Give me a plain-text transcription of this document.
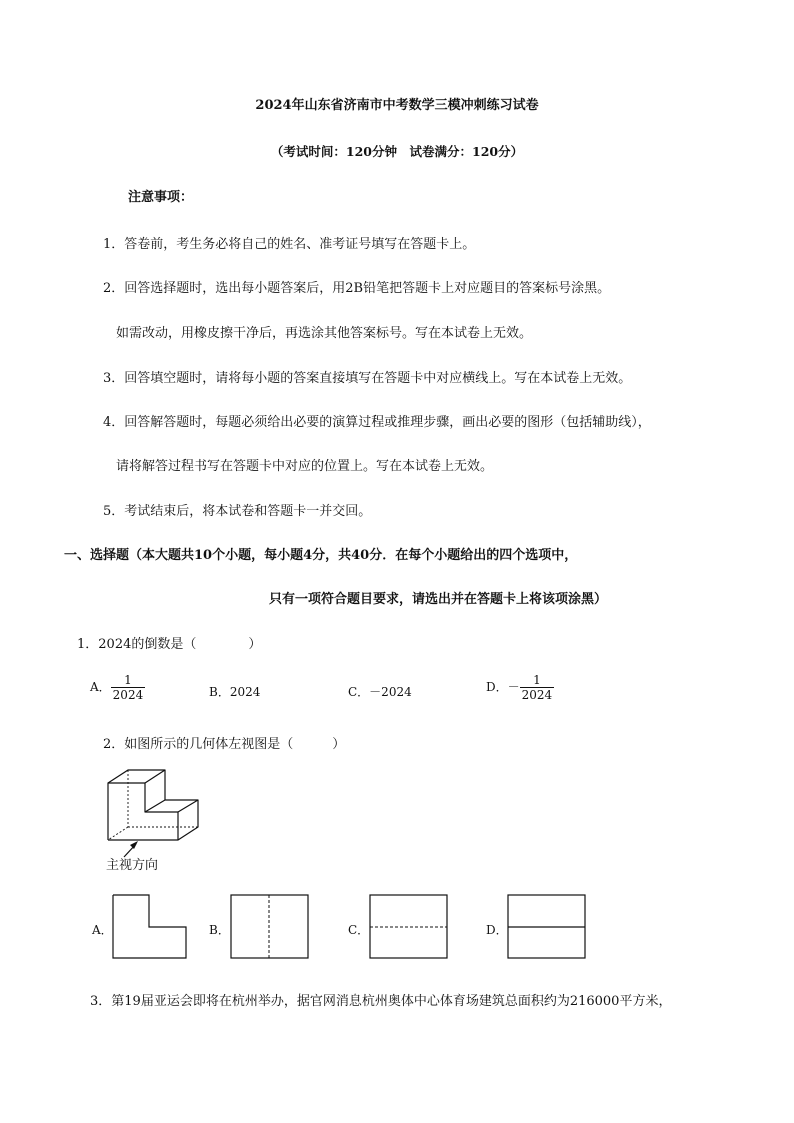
2024年山东省济南市中考数学三模冲刺练习试卷
（考试时间：120分钟　试卷满分：120分）
注意事项：
1．答卷前，考生务必将自己的姓名、准考证号填写在答题卡上。
2．回答选择题时，选出每小题答案后，用2B铅笔把答题卡上对应题目的答案标号涂黑。
如需改动，用橡皮擦干净后，再选涂其他答案标号。写在本试卷上无效。
3．回答填空题时，请将每小题的答案直接填写在答题卡中对应横线上。写在本试卷上无效。
4．回答解答题时，每题必须给出必要的演算过程或推理步骤，画出必要的图形（包括辅助线），
请将解答过程书写在答题卡中对应的位置上。写在本试卷上无效。
5．考试结束后，将本试卷和答题卡一并交回。
一、选择题（本大题共10个小题，每小题4分，共40分．在每个小题给出的四个选项中，
只有一项符合题目要求，请选出并在答题卡上将该项涂黑）
1．2024的倒数是（　　　　）
A． $\frac{1}{2024}$	B．2024	C．－2024	D．－ $\frac{1}{2024}$
2．如图所示的几何体左视图是（　　　）
主视方向
A．	B．	C．	D．
3．第19届亚运会即将在杭州举办，据官网消息杭州奥体中心体育场建筑总面积约为216000平方米，
